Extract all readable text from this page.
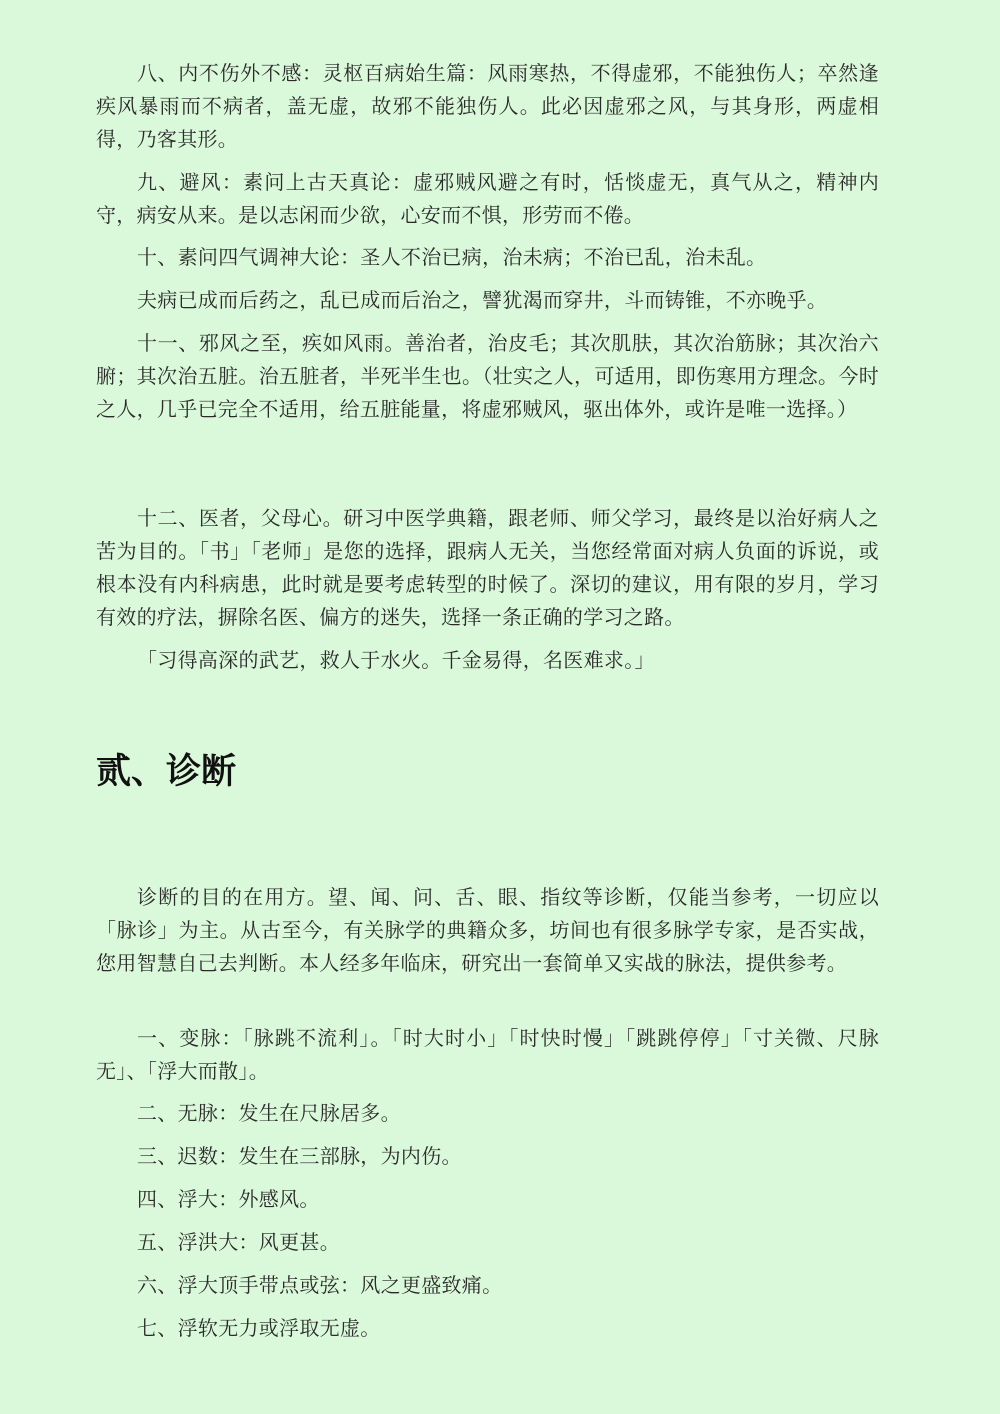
八、内不伤外不感：灵枢百病始生篇：风雨寒热，不得虚邪，不能独伤人；卒然逢疾风暴雨而不病者，盖无虚，故邪不能独伤人。此必因虚邪之风，与其身形，两虚相得，乃客其形。

九、避风：素问上古天真论：虚邪贼风避之有时，恬惔虚无，真气从之，精神内守，病安从来。是以志闲而少欲，心安而不惧，形劳而不倦。

十、素问四气调神大论：圣人不治已病，治未病；不治已乱，治未乱。

夫病已成而后药之，乱已成而后治之，譬犹渴而穿井，斗而铸锥，不亦晚乎。

十一、邪风之至，疾如风雨。善治者，治皮毛；其次肌肤，其次治筋脉；其次治六腑；其次治五脏。治五脏者，半死半生也。（壮实之人，可适用，即伤寒用方理念。今时之人，几乎已完全不适用，给五脏能量，将虚邪贼风，驱出体外，或许是唯一选择。）

十二、医者，父母心。研习中医学典籍，跟老师、师父学习，最终是以治好病人之苦为目的。「书」「老师」是您的选择，跟病人无关，当您经常面对病人负面的诉说，或根本没有内科病患，此时就是要考虑转型的时候了。深切的建议，用有限的岁月，学习有效的疗法，摒除名医、偏方的迷失，选择一条正确的学习之路。

「习得高深的武艺，救人于水火。千金易得，名医难求。」

贰、诊断

诊断的目的在用方。望、闻、问、舌、眼、指纹等诊断，仅能当参考，一切应以「脉诊」为主。从古至今，有关脉学的典籍众多，坊间也有很多脉学专家，是否实战，您用智慧自己去判断。本人经多年临床，研究出一套简单又实战的脉法，提供参考。

一、变脉：「脉跳不流利」。「时大时小」「时快时慢」「跳跳停停」「寸关微、尺脉无」、「浮大而散」。

二、无脉：发生在尺脉居多。

三、迟数：发生在三部脉，为内伤。

四、浮大：外感风。

五、浮洪大：风更甚。

六、浮大顶手带点或弦：风之更盛致痛。

七、浮软无力或浮取无虚。
